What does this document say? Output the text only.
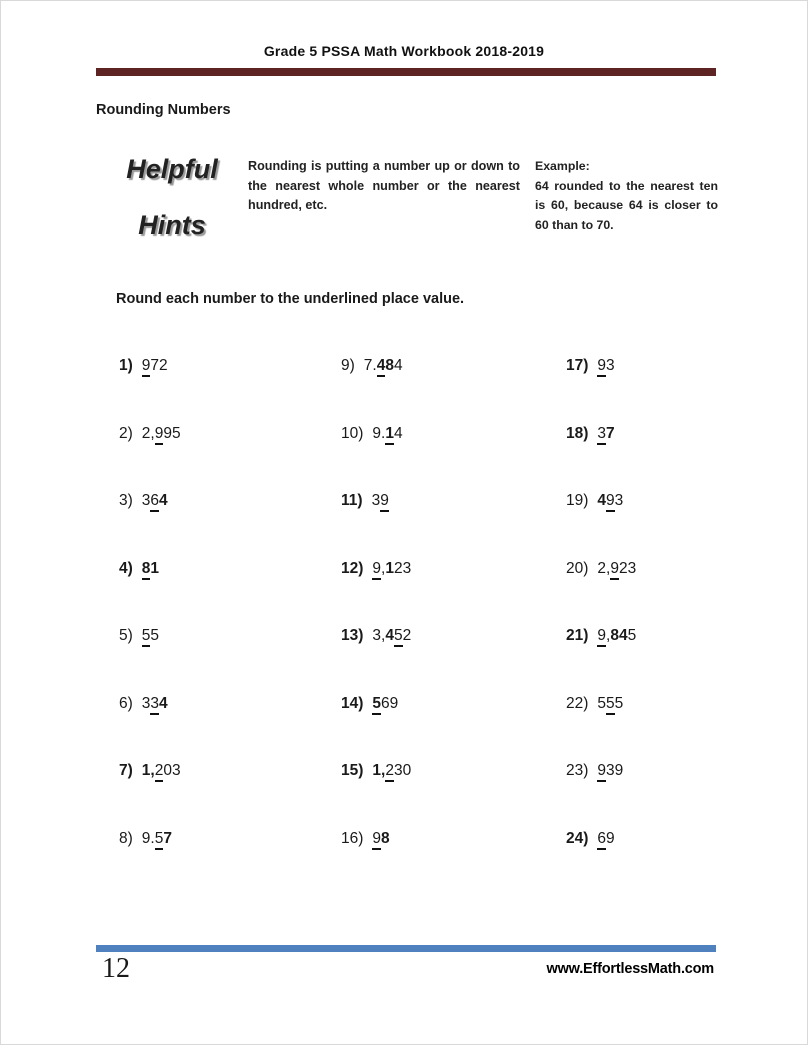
Grade 5 PSSA Math Workbook 2018-2019
Rounding Numbers
Helpful
Hints
Rounding is putting a number up or down to the nearest whole number or the nearest hundred, etc.
Example:
64 rounded to the nearest ten is 60, because 64 is closer to 60 than to 70.
Round each number to the underlined place value.
1) 972
2) 2,995
3) 364
4) 81
5) 55
6) 334
7) 1,203
8) 9.57
9) 7.484
10) 9.14
11) 39
12) 9,123
13) 3,452
14) 569
15) 1,230
16) 98
17) 93
18) 37
19) 493
20) 2,923
21) 9,845
22) 555
23) 939
24) 69
12	www.EffortlessMath.com
